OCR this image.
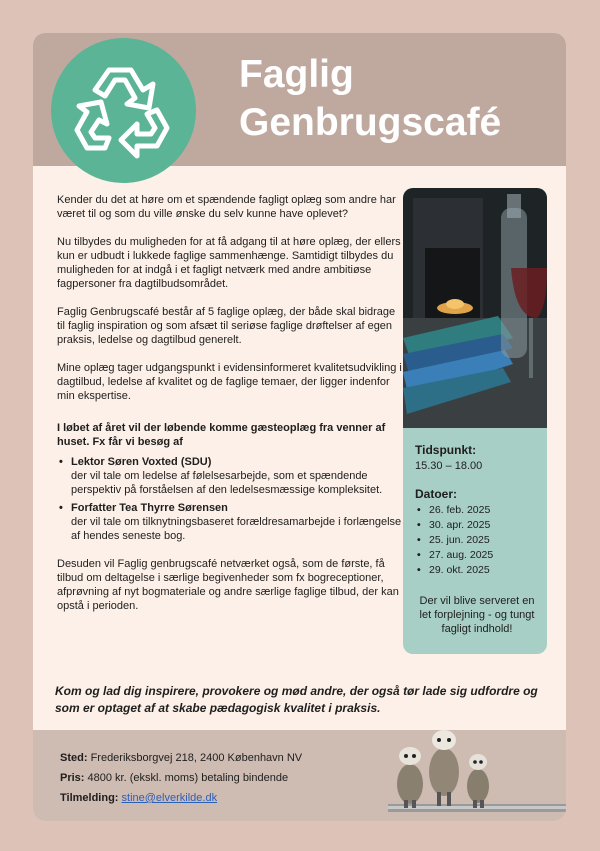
Faglig
Genbrugscafé

Kender du det at høre om et spændende fagligt oplæg som andre har været til og som du ville ønske du selv kunne have oplevet?

Nu tilbydes du muligheden for at få adgang til at høre oplæg, der ellers kun er udbudt i lukkede faglige sammenhænge. Samtidigt tilbydes du muligheden for at indgå i et fagligt netværk med andre ambitiøse fagpersoner fra dagtilbudsområdet.

Faglig Genbrugscafé består af 5 faglige oplæg, der både skal bidrage til faglig inspiration og som afsæt til seriøse faglige drøftelser af egen praksis, ledelse og dagtilbud generelt.

Mine oplæg tager udgangspunkt i evidensinformeret kvalitetsudvikling i dagtilbud, ledelse af kvalitet og de faglige temaer, der ligger indenfor min ekspertise.

I løbet af året vil der løbende komme gæsteoplæg fra venner af huset. Fx får vi besøg af

• Lektor Søren Voxted (SDU)
der vil tale om ledelse af følelsesarbejde, som et spændende perspektiv på forståelsen af den ledelsesmæssige kompleksitet.
• Forfatter Tea Thyrre Sørensen
der vil tale om tilknytningsbaseret forældresamarbejde i forlængelse af hendes seneste bog.

Desuden vil Faglig genbrugscafé netværket også, som de første, få tilbud om deltagelse i særlige begivenheder som fx bogreceptioner, afprøvning af nyt bogmateriale og andre særlige faglige tilbud, der kan opstå i perioden.

Tidspunkt:
15.30 – 18.00
Datoer:
• 26. feb. 2025
• 30. apr. 2025
• 25. jun. 2025
• 27. aug. 2025
• 29. okt. 2025
Der vil blive serveret en let forplejning - og tungt fagligt indhold!
Kom og lad dig inspirere, provokere og mød andre, der også tør lade sig udfordre og som er optaget af at skabe pædagogisk kvalitet i praksis.
Sted: Frederiksborgvej 218, 2400 København NV
Pris: 4800 kr. (ekskl. moms) betaling bindende
Tilmelding: stine@elverkilde.dk
